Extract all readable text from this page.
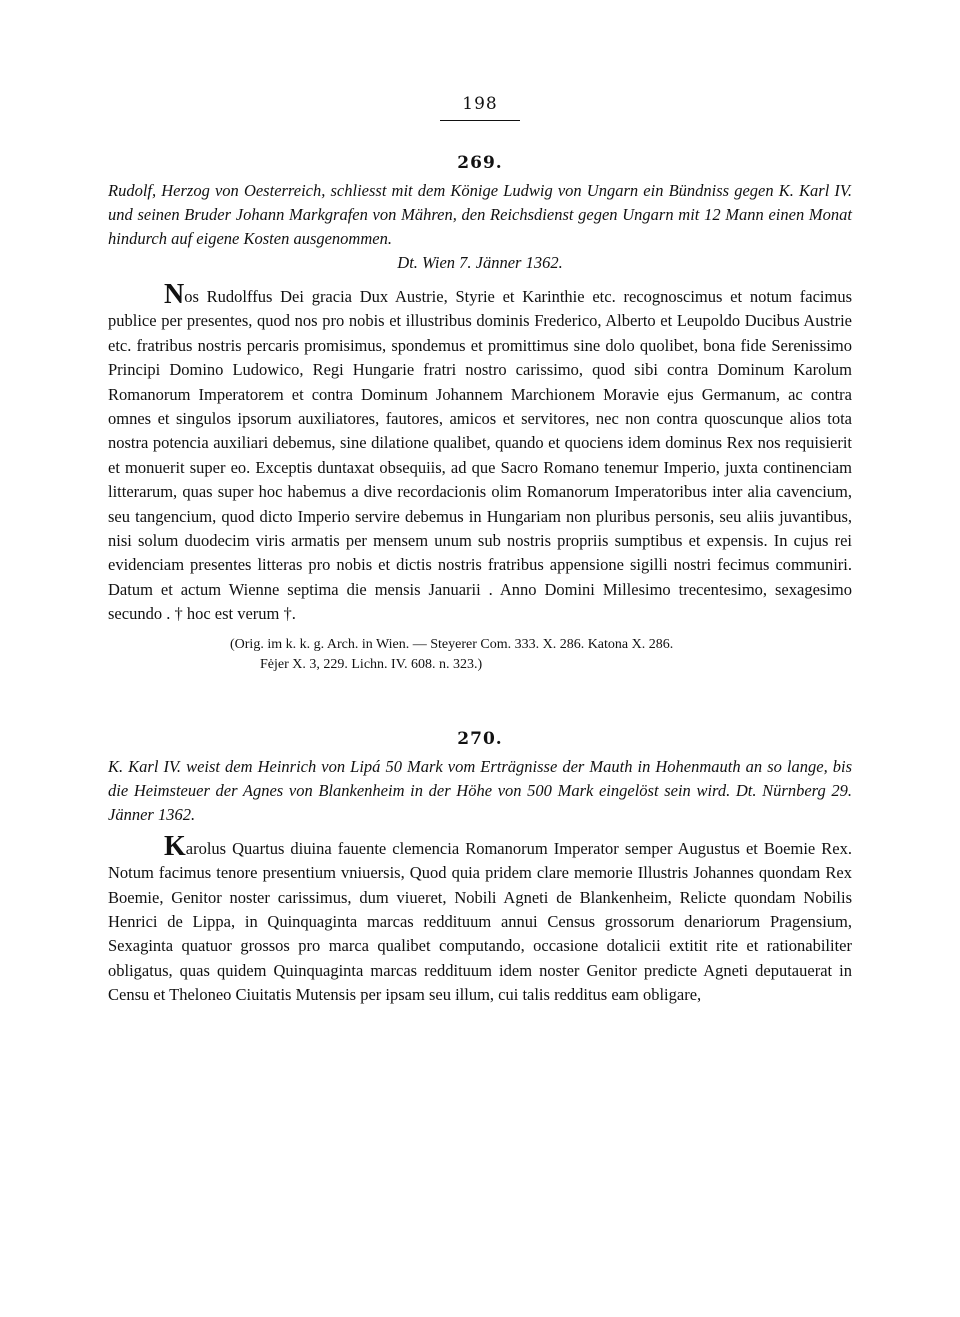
198
269.
Rudolf, Herzog von Oesterreich, schliesst mit dem Könige Ludwig von Ungarn ein Bündniss gegen K. Karl IV. und seinen Bruder Johann Markgrafen von Mähren, den Reichsdienst gegen Ungarn mit 12 Mann einen Monat hindurch auf eigene Kosten ausgenommen.
Dt. Wien 7. Jänner 1362.
Nos Rudolffus Dei gracia Dux Austrie, Styrie et Karinthie etc. recognoscimus et notum facimus publice per presentes, quod nos pro nobis et illustribus dominis Frederico, Alberto et Leupoldo Ducibus Austrie etc. fratribus nostris percaris promisimus, spondemus et promittimus sine dolo quolibet, bona fide Serenissimo Principi Domino Ludowico, Regi Hungarie fratri nostro carissimo, quod sibi contra Dominum Karolum Romanorum Imperatorem et contra Dominum Johannem Marchionem Moravie ejus Germanum, ac contra omnes et singulos ipsorum auxiliatores, fautores, amicos et servitores, nec non contra quoscunque alios tota nostra potencia auxiliari debemus, sine dilatione qualibet, quando et quociens idem dominus Rex nos requisierit et monuerit super eo. Exceptis duntaxat obsequiis, ad que Sacro Romano tenemur Imperio, juxta continenciam litterarum, quas super hoc habemus a dive recordacionis olim Romanorum Imperatoribus inter alia cavencium, seu tangencium, quod dicto Imperio servire debemus in Hungariam non pluribus personis, seu aliis juvantibus, nisi solum duodecim viris armatis per mensem unum sub nostris propriis sumptibus et expensis. In cujus rei evidenciam presentes litteras pro nobis et dictis nostris fratribus appensione sigilli nostri fecimus communiri. Datum et actum Wienne septima die mensis Januarii . Anno Domini Millesimo trecentesimo, sexagesimo secundo . † hoc est verum †.
(Orig. im k. k. g. Arch. in Wien. — Steyerer Com. 333. X. 286. Katona X. 286.
Fėjer X. 3, 229. Lichn. IV. 608. n. 323.)
270.
K. Karl IV. weist dem Heinrich von Lipá 50 Mark vom Erträgnisse der Mauth in Hohenmauth an so lange, bis die Heimsteuer der Agnes von Blankenheim in der Höhe von 500 Mark eingelöst sein wird. Dt. Nürnberg 29. Jänner 1362.
Karolus Quartus diuina fauente clemencia Romanorum Imperator semper Augustus et Boemie Rex. Notum facimus tenore presentium vniuersis, Quod quia pridem clare memorie Illustris Johannes quondam Rex Boemie, Genitor noster carissimus, dum viueret, Nobili Agneti de Blankenheim, Relicte quondam Nobilis Henrici de Lippa, in Quinquaginta marcas reddituum annui Census grossorum denariorum Pragensium, Sexaginta quatuor grossos pro marca qualibet computando, occasione dotalicii extitit rite et rationabiliter obligatus, quas quidem Quinquaginta marcas reddituum idem noster Genitor predicte Agneti deputauerat in Censu et Theloneo Ciuitatis Mutensis per ipsam seu illum, cui talis redditus eam obligare,
